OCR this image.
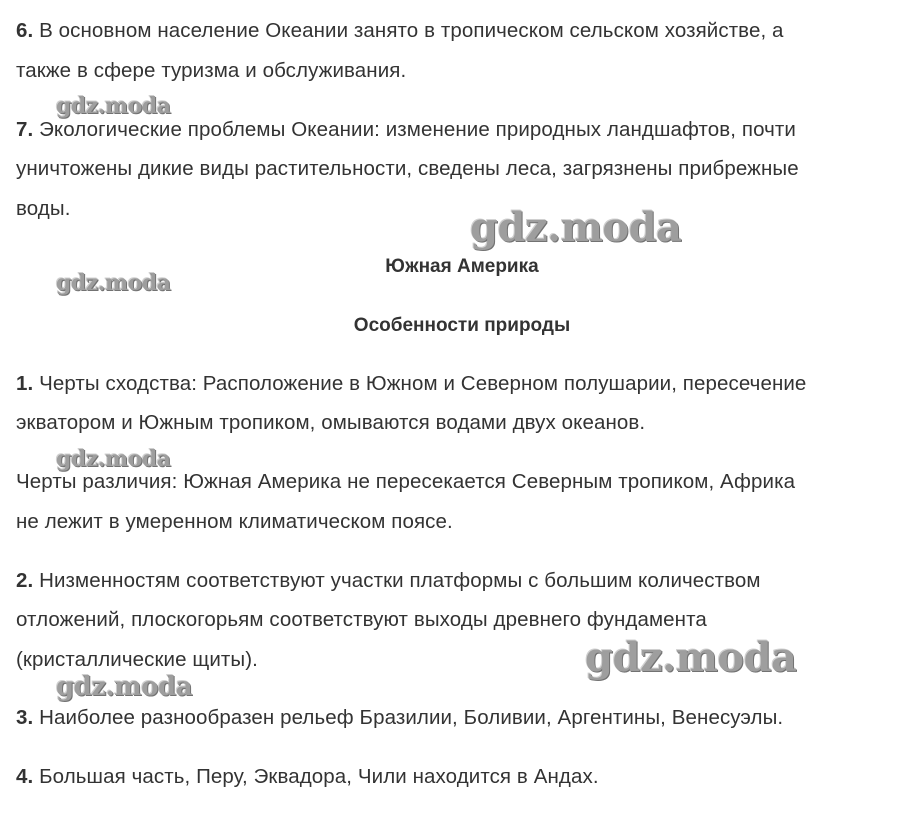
6. В основном население Океании занято в тропическом сельском хозяйстве, а
также в сфере туризма и обслуживания.
gdz.moda
7. Экологические проблемы Океании: изменение природных ландшафтов, почти
уничтожены дикие виды растительности, сведены леса, загрязнены прибрежные
воды.	gdz.moda
gdz.moda
Южная Америка
Особенности природы
1. Черты сходства: Расположение в Южном и Северном полушарии, пересечение
экватором и Южным тропиком, омываются водами двух океанов.
gdz.moda
Черты различия: Южная Америка не пересекается Северным тропиком, Африка
не лежит в умеренном климатическом поясе.
2. Низменностям соответствуют участки платформы с большим количеством
отложений, плоскогорьям соответствуют выходы древнего фундамента
(кристаллические щиты).	gdz.moda
gdz.moda
3. Наиболее разнообразен рельеф Бразилии, Боливии, Аргентины, Венесуэлы.
4. Большая часть, Перу, Эквадора, Чили находится в Андах.
